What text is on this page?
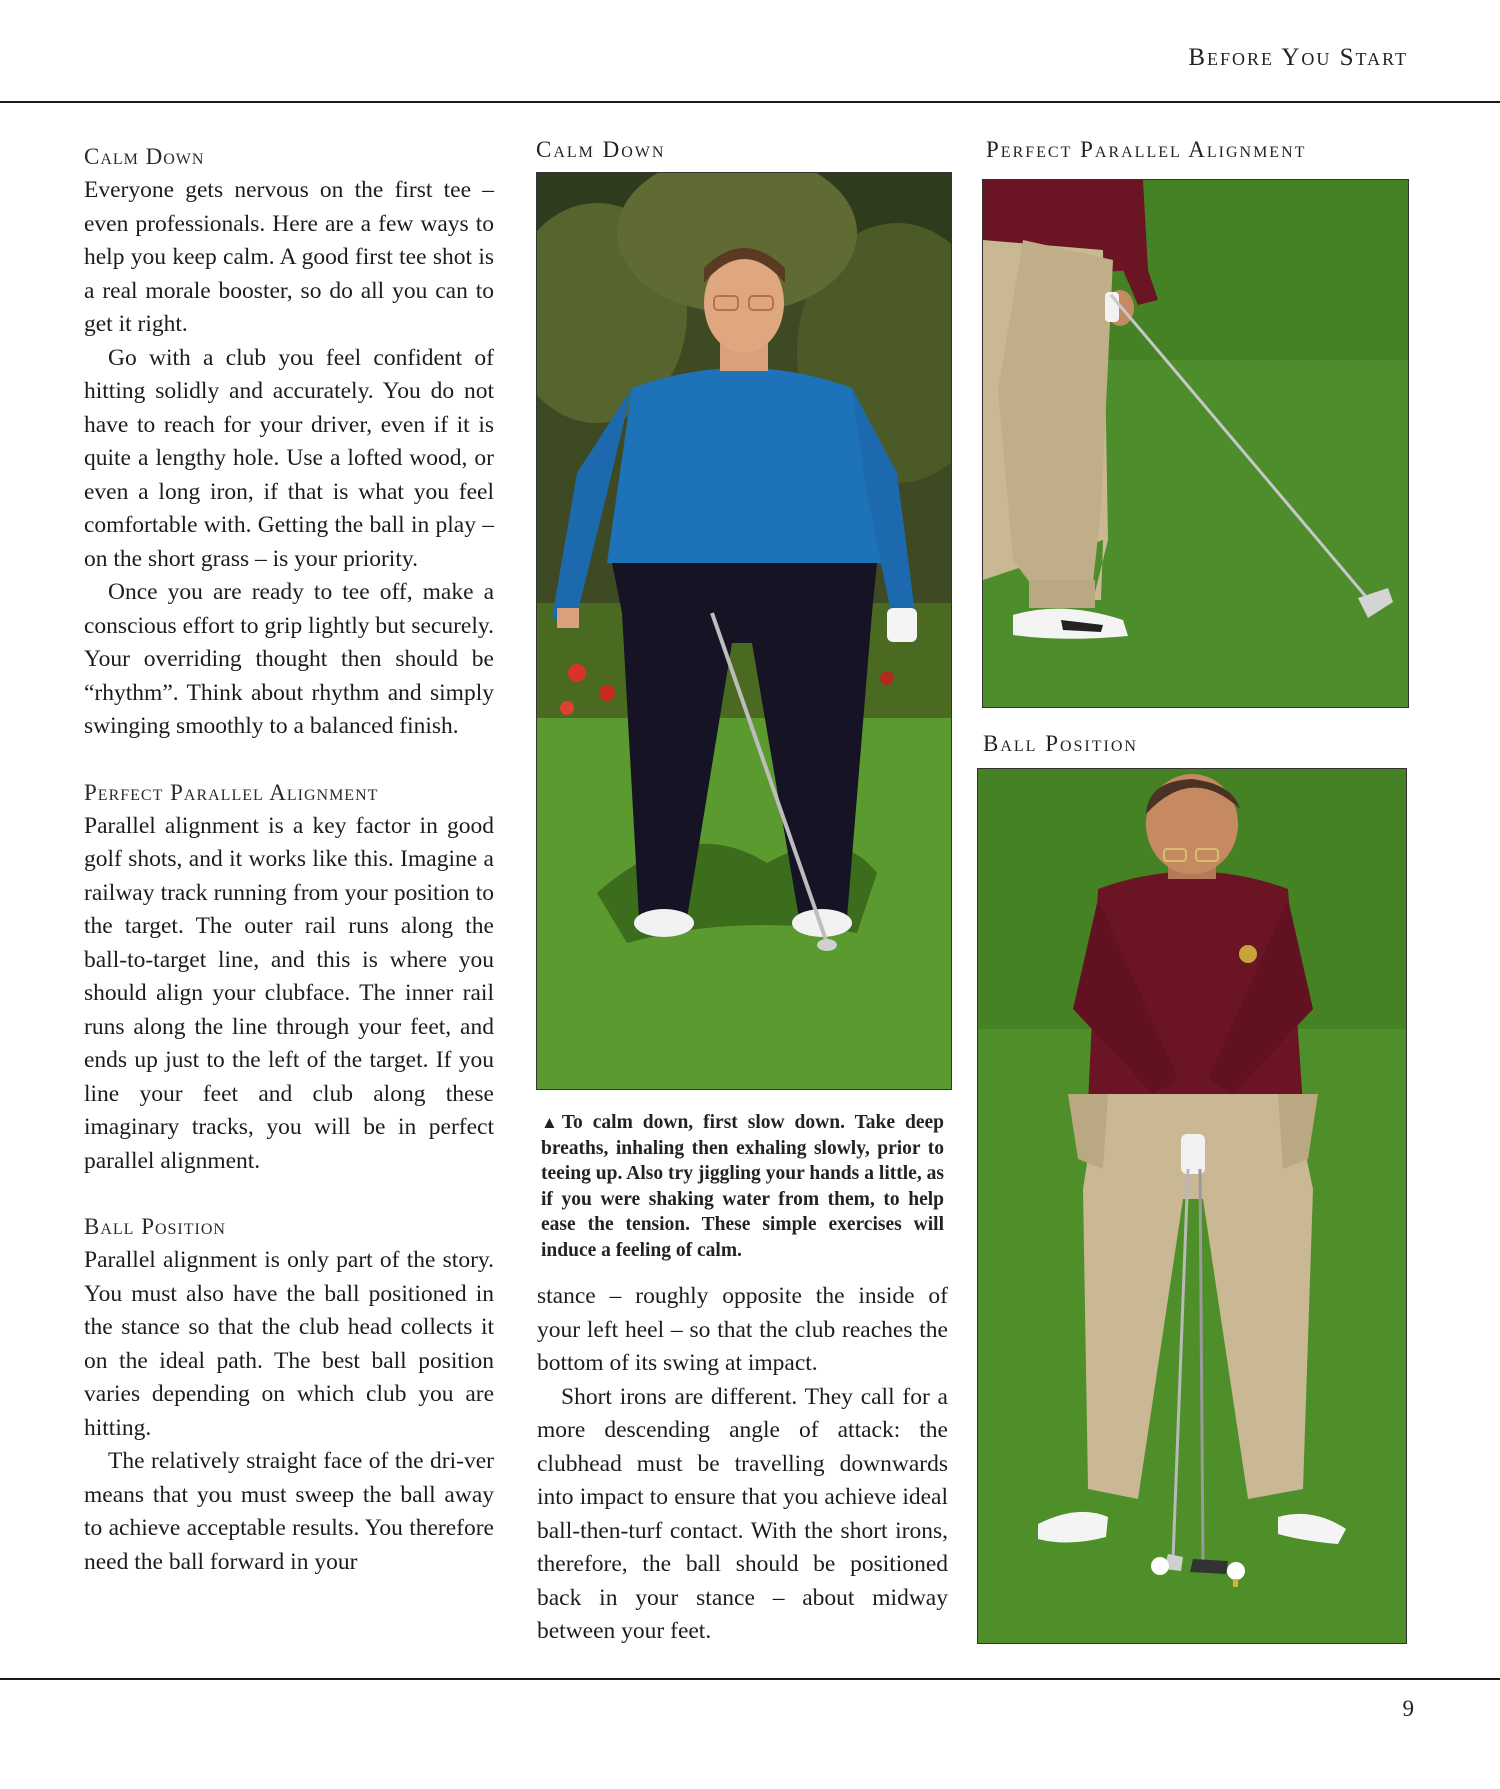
Before You Start
Calm Down

Everyone gets nervous on the first tee – even professionals. Here are a few ways to help you keep calm. A good first tee shot is a real morale booster, so do all you can to get it right.

Go with a club you feel confident of hitting solidly and accurately. You do not have to reach for your driver, even if it is quite a lengthy hole. Use a lofted wood, or even a long iron, if that is what you feel comfortable with. Getting the ball in play – on the short grass – is your priority.

Once you are ready to tee off, make a conscious effort to grip lightly but securely. Your overriding thought then should be “rhythm”. Think about rhythm and simply swinging smoothly to a balanced finish.

Perfect Parallel Alignment

Parallel alignment is a key factor in good golf shots, and it works like this. Imagine a railway track running from your position to the target. The outer rail runs along the ball-to-target line, and this is where you should align your clubface. The inner rail runs along the line through your feet, and ends up just to the left of the target. If you line your feet and club along these imaginary tracks, you will be in perfect parallel alignment.

Ball Position

Parallel alignment is only part of the story. You must also have the ball positioned in the stance so that the club head collects it on the ideal path. The best ball position varies depending on which club you are hitting.

The relatively straight face of the dri-ver means that you must sweep the ball away to achieve acceptable results. You therefore need the ball forward in your

Calm Down
▲ To calm down, first slow down. Take deep breaths, inhaling then exhaling slowly, prior to teeing up. Also try jiggling your hands a little, as if you were shaking water from them, to help ease the tension. These simple exercises will induce a feeling of calm.

stance – roughly opposite the inside of your left heel – so that the club reaches the bottom of its swing at impact.

Short irons are different. They call for a more descending angle of attack: the clubhead must be travelling downwards into impact to ensure that you achieve ideal ball-then-turf contact. With the short irons, therefore, the ball should be positioned back in your stance – about midway between your feet.

Perfect Parallel Alignment
Ball Position
9
